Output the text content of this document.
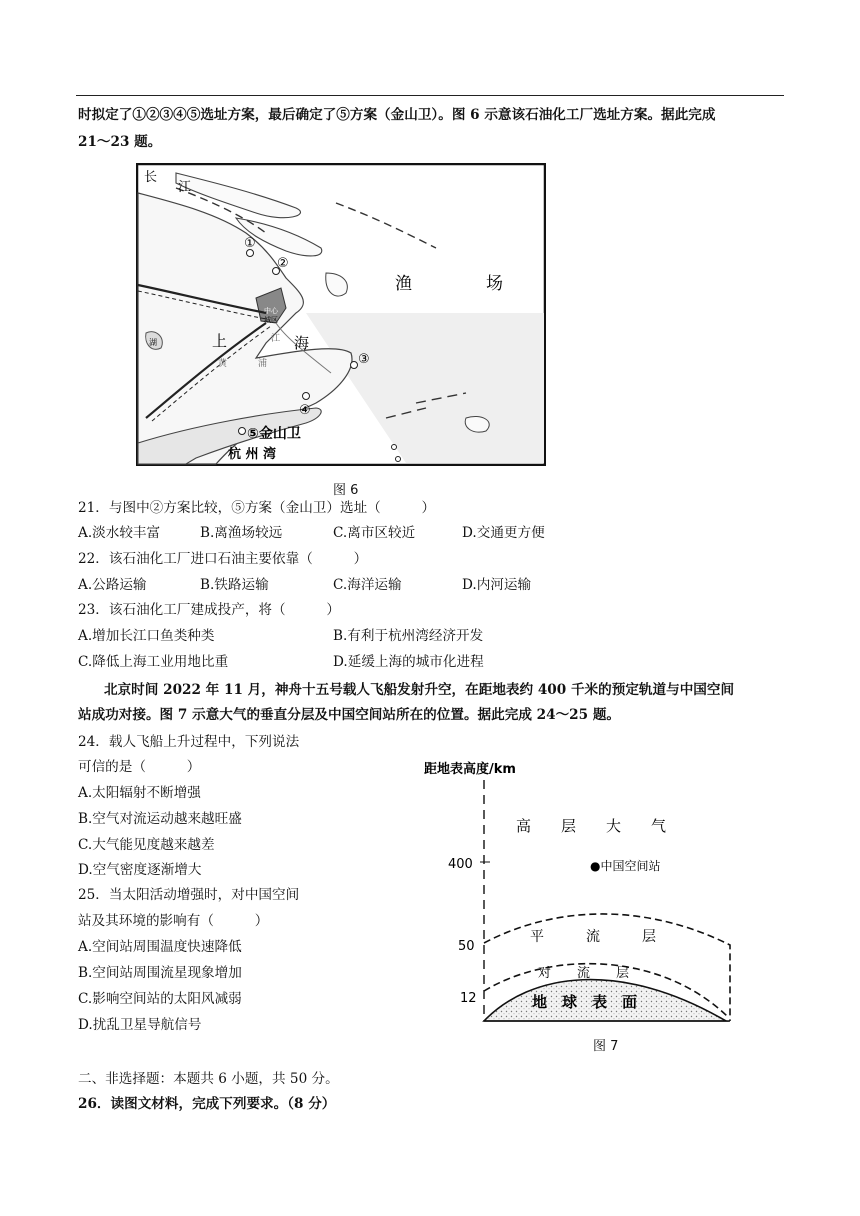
时拟定了①②③④⑤选址方案，最后确定了⑤方案（金山卫）。图 6 示意该石油化工厂选址方案。据此完成
21～23 题。
长
江
渔	场
上	海
中心
城区
湖
黄	浦
江
①
②
③
④
⑤金山卫
杭 州 湾
图 6
21．与图中②方案比较，⑤方案（金山卫）选址（　　　）
A.淡水较丰富	B.离渔场较远	C.离市区较近	D.交通更方便
22．该石油化工厂进口石油主要依靠（　　　）
A.公路运输	B.铁路运输	C.海洋运输	D.内河运输
23．该石油化工厂建成投产，将（　　　）
A.增加长江口鱼类种类	B.有利于杭州湾经济开发
C.降低上海工业用地比重	D.延缓上海的城市化进程
北京时间 2022 年 11 月，神舟十五号载人飞船发射升空，在距地表约 400 千米的预定轨道与中国空间
站成功对接。图 7 示意大气的垂直分层及中国空间站所在的位置。据此完成 24～25 题。
24．载人飞船上升过程中，下列说法
可信的是（　　　）
A.太阳辐射不断增强
B.空气对流运动越来越旺盛
C.大气能见度越来越差
D.空气密度逐渐增大
25．当太阳活动增强时，对中国空间
站及其环境的影响有（　　　）
A.空间站周围温度快速降低
B.空间站周围流星现象增加
C.影响空间站的太阳风减弱
D.扰乱卫星导航信号
距地表高度/km
400
50
12
高　　层　　大　　气
●中国空间站
平　　　流　　　层
对　　流　　层
地　球　表　面
图 7
二、非选择题：本题共 6 小题，共 50 分。
26．读图文材料，完成下列要求。（8 分）
